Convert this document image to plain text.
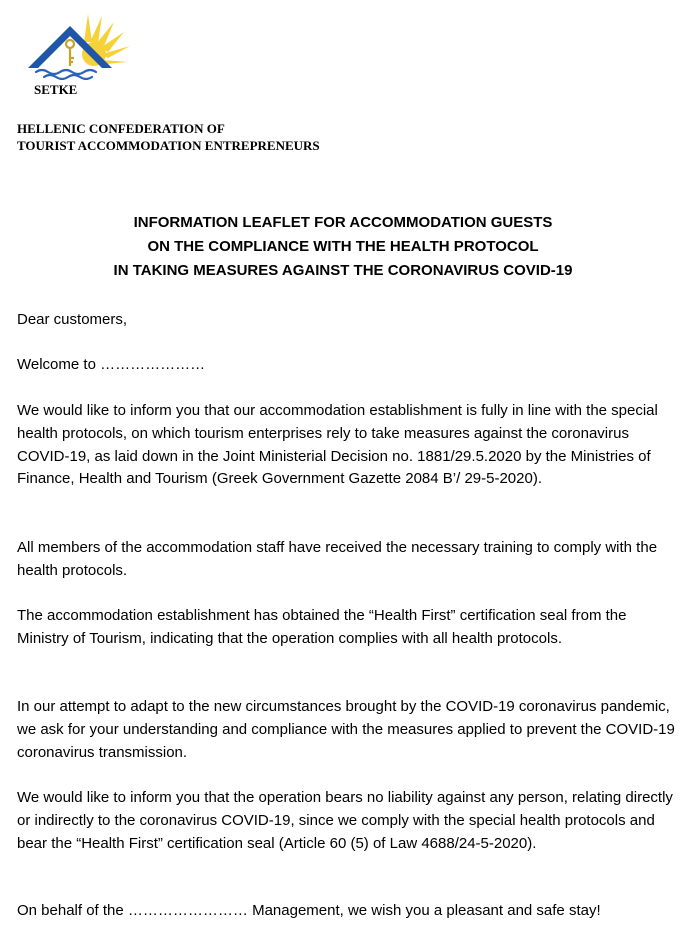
SETKE
HELLENIC CONFEDERATION OF
TOURIST ACCOMMODATION ENTREPRENEURS
INFORMATION LEAFLET FOR ACCOMMODATION GUESTS
ON THE COMPLIANCE WITH THE HEALTH PROTOCOL
IN TAKING MEASURES AGAINST THE CORONAVIRUS COVID-19

Dear customers,

Welcome to …………………

We would like to inform you that our accommodation establishment is fully in line with the special health protocols, on which tourism enterprises rely to take measures against the coronavirus COVID-19, as laid down in the Joint Ministerial Decision no. 1881/29.5.2020 by the Ministries of Finance, Health and Tourism (Greek Government Gazette 2084 B’/ 29-5-2020).

All members of the accommodation staff have received the necessary training to comply with the health protocols.

The accommodation establishment has obtained the “Health First” certification seal from the Ministry of Tourism, indicating that the operation complies with all health protocols.

In our attempt to adapt to the new circumstances brought by the COVID-19 coronavirus pandemic, we ask for your understanding and compliance with the measures applied to prevent the COVID-19 coronavirus transmission.

We would like to inform you that the operation bears no liability against any person, relating directly or indirectly to the coronavirus COVID-19, since we comply with the special health protocols and bear the “Health First” certification seal (Article 60 (5) of Law 4688/24-5-2020).

On behalf of the …………………… Management, we wish you a pleasant and safe stay!
